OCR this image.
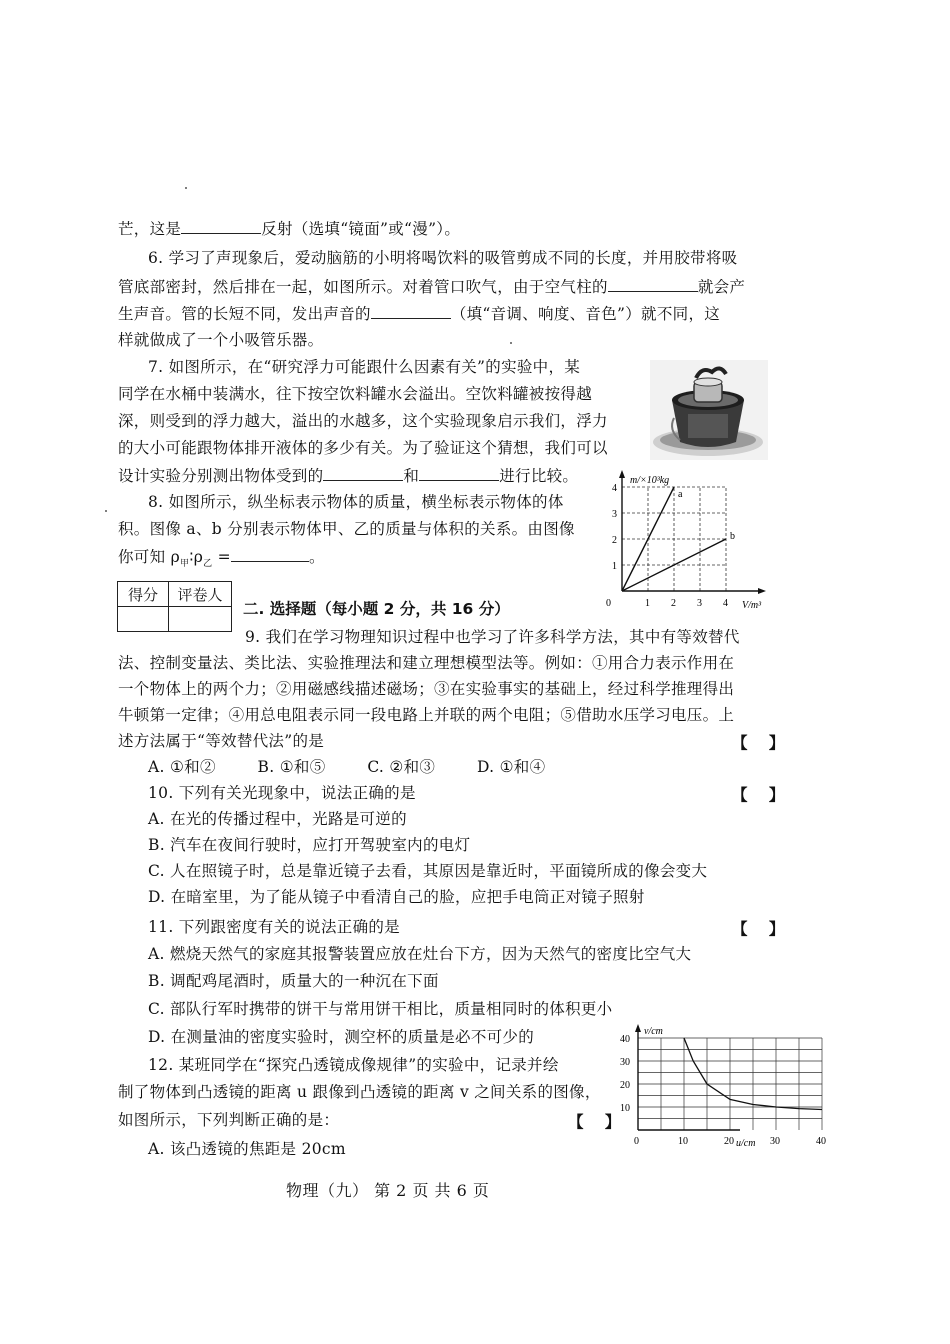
芒，这是	反射（选填“镜面”或“漫”）。
6. 学习了声现象后，爱动脑筋的小明将喝饮料的吸管剪成不同的长度，并用胶带将吸
管底部密封，然后排在一起，如图所示。对着管口吹气，由于空气柱的	就会产
生声音。管的长短不同，发出声音的	（填“音调、响度、音色”）就不同，这
样就做成了一个小吸管乐器。
7. 如图所示，在“研究浮力可能跟什么因素有关”的实验中，某
同学在水桶中装满水，往下按空饮料罐水会溢出。空饮料罐被按得越
深，则受到的浮力越大，溢出的水越多，这个实验现象启示我们，浮力
的大小可能跟物体排开液体的多少有关。为了验证这个猜想，我们可以
设计实验分别测出物体受到的	和	进行比较。
8. 如图所示，纵坐标表示物体的质量，横坐标表示物体的体
积。图像 a、b 分别表示物体甲、乙的质量与体积的关系。由图像
你可知 $\rho_甲∶\rho_乙$ =	。
a
b
1
2
3
4
0	1 2 3 4
m/×10³kg
V/m³
得分	评卷人

二. 选择题（每小题 2 分，共 16 分）
9. 我们在学习物理知识过程中也学习了许多科学方法，其中有等效替代
法、控制变量法、类比法、实验推理法和建立理想模型法等。例如：①用合力表示作用在
一个物体上的两个力；②用磁感线描述磁场；③在实验事实的基础上，经过科学推理得出
牛顿第一定律；④用总电阻表示同一段电路上并联的两个电阻；⑤借助水压学习电压。上
述方法属于“等效替代法”的是	【 】
A. ①和②        B. ①和⑤        C. ②和③        D. ①和④
10. 下列有关光现象中，说法正确的是	【 】
A. 在光的传播过程中，光路是可逆的
B. 汽车在夜间行驶时，应打开驾驶室内的电灯
C. 人在照镜子时，总是靠近镜子去看，其原因是靠近时，平面镜所成的像会变大
D. 在暗室里，为了能从镜子中看清自己的脸，应把手电筒正对镜子照射
11. 下列跟密度有关的说法正确的是	【 】
A. 燃烧天然气的家庭其报警装置应放在灶台下方，因为天然气的密度比空气大
B. 调配鸡尾酒时，质量大的一种沉在下面
C. 部队行军时携带的饼干与常用饼干相比，质量相同时的体积更小
D. 在测量油的密度实验时，测空杯的质量是必不可少的
12. 某班同学在“探究凸透镜成像规律”的实验中，记录并绘
制了物体到凸透镜的距离 u 跟像到凸透镜的距离 v 之间关系的图像，
如图所示，下列判断正确的是：	【 】
A. 该凸透镜的焦距是 20cm
10
20
30
40
0	10	20	30	40
v/cm
u/cm
物理（九） 第 2 页 共 6 页
